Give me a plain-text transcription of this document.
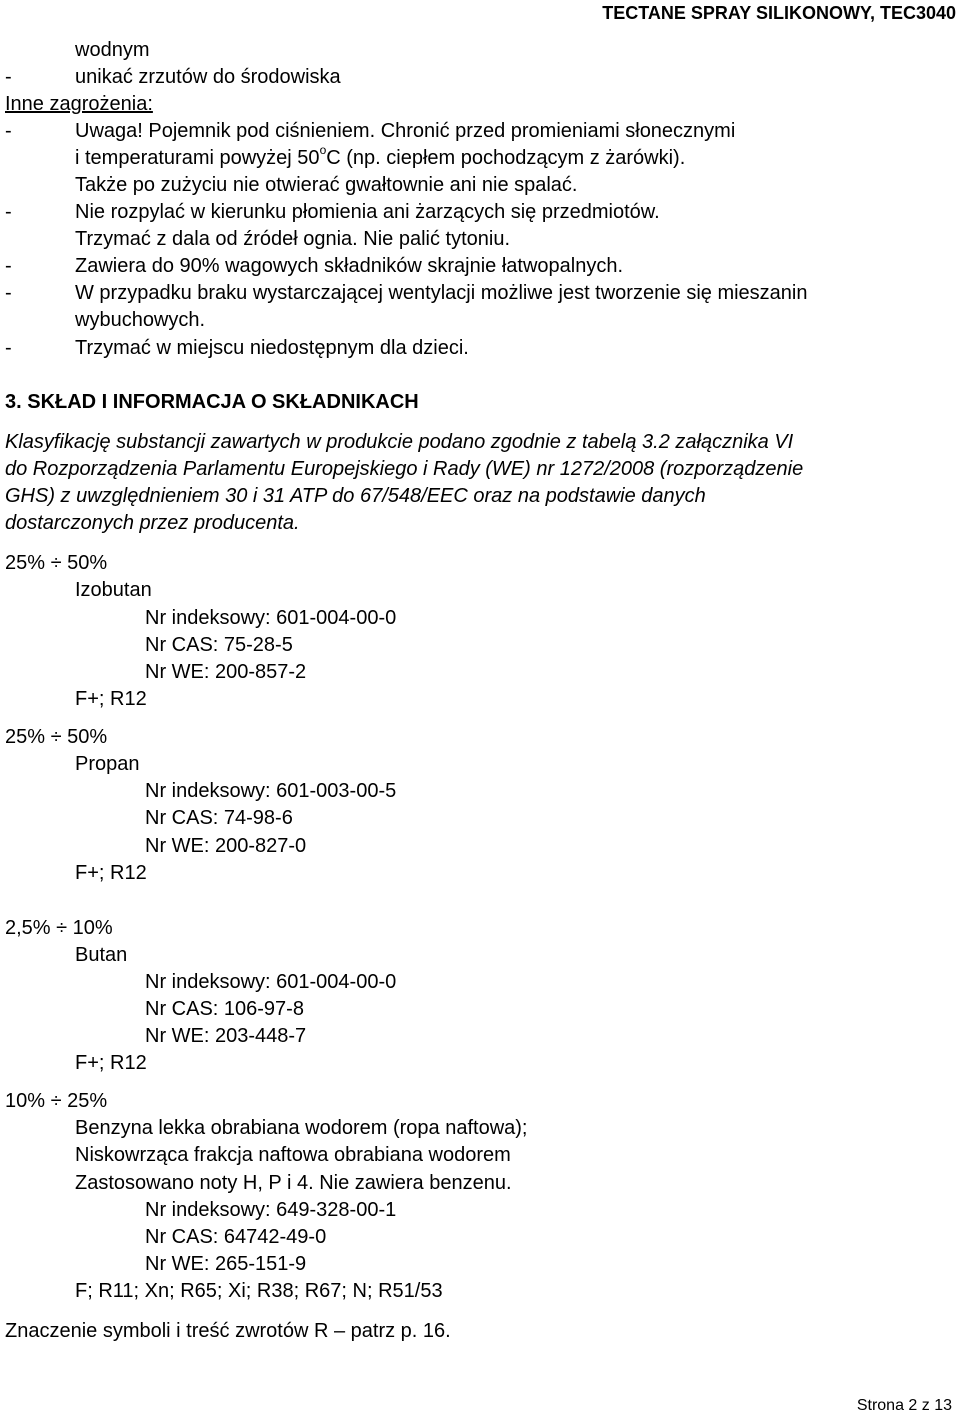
TECTANE SPRAY SILIKONOWY, TEC3040
wodnym
-	unikać zrzutów do środowiska
Inne zagrożenia:
-	Uwaga! Pojemnik pod ciśnieniem. Chronić przed promieniami słonecznymi
i temperaturami powyżej 50$^o$C (np. ciepłem pochodzącym z żarówki).
Także po zużyciu nie otwierać gwałtownie ani nie spalać.
-	Nie rozpylać w kierunku płomienia ani żarzących się przedmiotów.
Trzymać z dala od źródeł ognia. Nie palić tytoniu.
-	Zawiera do 90% wagowych składników skrajnie łatwopalnych.
-	W przypadku braku wystarczającej wentylacji możliwe jest tworzenie się mieszanin
wybuchowych.
-	Trzymać w miejscu niedostępnym dla dzieci.
3. SKŁAD I INFORMACJA O SKŁADNIKACH
Klasyfikację substancji zawartych w produkcie podano zgodnie z tabelą 3.2 załącznika VI
do Rozporządzenia Parlamentu Europejskiego i Rady (WE) nr 1272/2008 (rozporządzenie
GHS) z uwzględnieniem 30 i 31 ATP do 67/548/EEC oraz na podstawie danych
dostarczonych przez producenta.
25% ÷ 50%
Izobutan
Nr indeksowy: 601-004-00-0
Nr CAS: 75-28-5
Nr WE: 200-857-2
F+; R12
25% ÷ 50%
Propan
Nr indeksowy: 601-003-00-5
Nr CAS: 74-98-6
Nr WE: 200-827-0
F+; R12
2,5% ÷ 10%
Butan
Nr indeksowy: 601-004-00-0
Nr CAS: 106-97-8
Nr WE: 203-448-7
F+; R12
10% ÷ 25%
Benzyna lekka obrabiana wodorem (ropa naftowa);
Niskowrząca frakcja naftowa obrabiana wodorem
Zastosowano noty H, P i 4. Nie zawiera benzenu.
Nr indeksowy: 649-328-00-1
Nr CAS: 64742-49-0
Nr WE: 265-151-9
F; R11; Xn; R65; Xi; R38; R67; N; R51/53
Znaczenie symboli i treść zwrotów R – patrz p. 16.
Strona 2 z 13
